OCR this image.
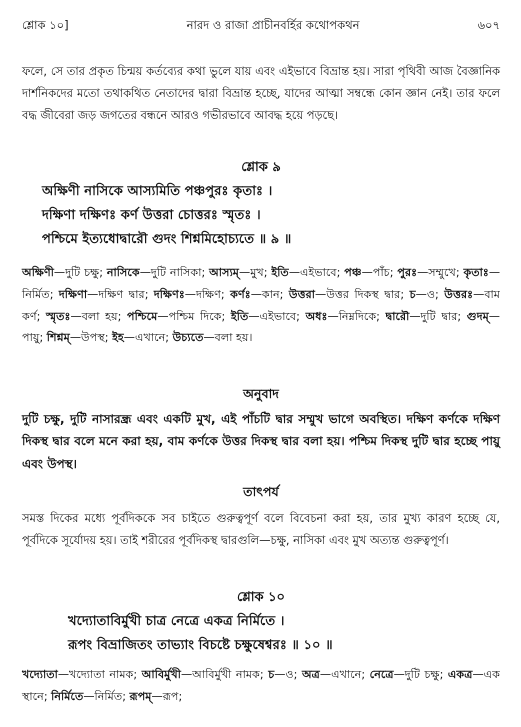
শ্লোক ১০]	নারদ ও রাজা প্রাচীনবর্হির কথোপকথন	৬০৭
ফলে, সে তার প্রকৃত চিন্ময় কর্তব্যের কথা ভুলে যায় এবং এইভাবে বিভ্রান্ত হয়। সারা পৃথিবী আজ বৈজ্ঞানিক দার্শনিকদের মতো তথাকথিত নেতাদের দ্বারা বিভ্রান্ত হচ্ছে, যাদের আত্মা সম্বন্ধে কোন জ্ঞান নেই। তার ফলে বদ্ধ জীবেরা জড় জগতের বন্ধনে আরও গভীরভাবে আবদ্ধ হয়ে পড়ছে।
শ্লোক ৯
অক্ষিণী নাসিকে আস্যমিতি পঞ্চপুরঃ কৃতাঃ ।
দক্ষিণা দক্ষিণঃ কর্ণ উত্তরা চোত্তরঃ স্মৃতঃ ।
পশ্চিমে ইত্যধোদ্বারৌ গুদং শিশ্নমিহোচ্যতে ॥ ৯ ॥
অক্ষিণী—দুটি চক্ষু; নাসিকে—দুটি নাসিকা; আস্যম্—মুখ; ইতি—এইভাবে; পঞ্চ—পাঁচ; পুরঃ—সম্মুখে; কৃতাঃ—নির্মিত; দক্ষিণা—দক্ষিণ দ্বার; দক্ষিণঃ—দক্ষিণ; কর্ণঃ—কান; উত্তরা—উত্তর দিকস্থ দ্বার; চ—ও; উত্তরঃ—বাম কর্ণ; স্মৃতঃ—বলা হয়; পশ্চিমে—পশ্চিম দিকে; ইতি—এইভাবে; অধঃ—নিম্নদিকে; দ্বারৌ—দুটি দ্বার; গুদম্—পায়ু; শিশ্নম্—উপস্থ; ইহ—এখানে; উচ্যতে—বলা হয়।
অনুবাদ
দুটি চক্ষু, দুটি নাসারন্ধ্র এবং একটি মুখ, এই পাঁচটি দ্বার সম্মুখ ভাগে অবস্থিত। দক্ষিণ কর্ণকে দক্ষিণ দিকস্থ দ্বার বলে মনে করা হয়, বাম কর্ণকে উত্তর দিকস্থ দ্বার বলা হয়। পশ্চিম দিকস্থ দুটি দ্বার হচ্ছে পায়ু এবং উপস্থ।
তাৎপর্য
সমস্ত দিকের মধ্যে পূর্বদিককে সব চাইতে গুরুত্বপূর্ণ বলে বিবেচনা করা হয়, তার মুখ্য কারণ হচ্ছে যে, পূর্বদিকে সূর্যোদয় হয়। তাই শরীরের পূর্বদিকস্থ দ্বারগুলি—চক্ষু, নাসিকা এবং মুখ অত্যন্ত গুরুত্বপূর্ণ।
শ্লোক ১০
খদ্যোতাবির্মুখী চাত্র নেত্রে একত্র নির্মিতে ।
রূপং বিভ্রাজিতং তাভ্যাং বিচষ্টে চক্ষুষেশ্বরঃ ॥ ১০ ॥
খদ্যোতা—খদ্যোতা নামক; আবির্মুখী—আবির্মুখী নামক; চ—ও; অত্র—এখানে; নেত্রে—দুটি চক্ষু; একত্র—এক স্থানে; নির্মিতে—নির্মিত; রূপম্—রূপ;
